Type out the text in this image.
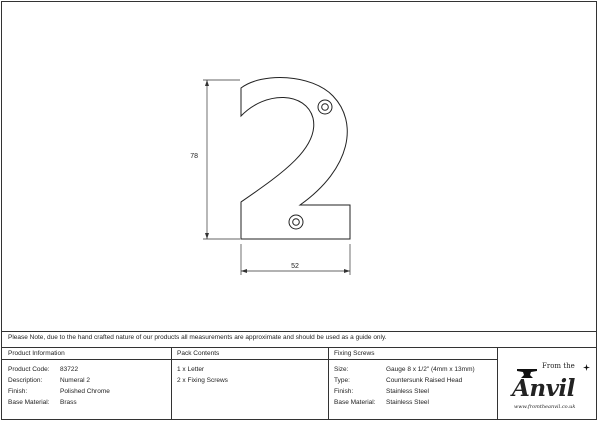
78
52
Please Note, due to the hand crafted nature of our products all measurements are approximate and should be used as a guide only.
Product Information
Product Code: 83722
Description:	Numeral 2
Finish:	Polished Chrome
Base Material: Brass
Pack Contents
1 x Letter
2 x Fixing Screws
Fixing Screws
Size:	Gauge 8 x 1/2" (4mm x 13mm)
Type:	Countersunk Raised Head
Finish:	Stainless Steel
Base Material: Stainless Steel
From the
Anvil
www.fromtheanvil.co.uk
